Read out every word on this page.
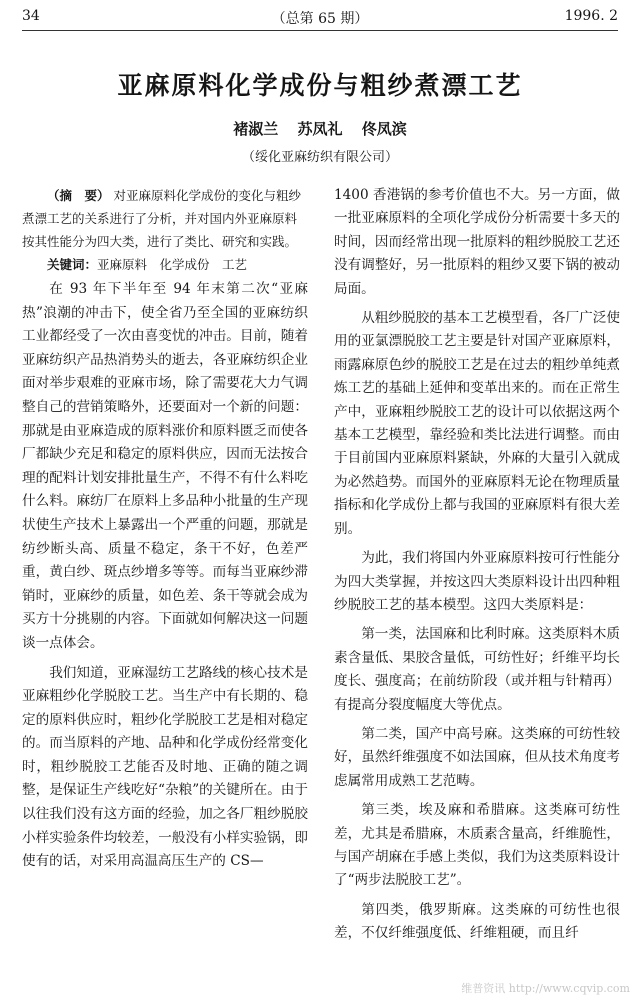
34	（总第 65 期）	1996. 2
亚麻原料化学成份与粗纱煮漂工艺
褚淑兰 苏凤礼 佟凤滨
（绥化亚麻纺织有限公司）

（摘　要） 对亚麻原料化学成份的变化与粗纱煮漂工艺的关系进行了分析，并对国内外亚麻原料按其性能分为四大类，进行了类比、研究和实践。

关键词：亚麻原料　化学成份　工艺

在 93 年下半年至 94 年末第二次“亚麻热”浪潮的冲击下，使全省乃至全国的亚麻纺织工业都经受了一次由喜变忧的冲击。目前，随着亚麻纺织产品热消势头的逝去，各亚麻纺织企业面对举步艰难的亚麻市场，除了需要花大力气调整自己的营销策略外，还要面对一个新的问题：那就是由亚麻造成的原料涨价和原料匮乏而使各厂都缺少充足和稳定的原料供应，因而无法按合理的配料计划安排批量生产，不得不有什么料吃什么料。麻纺厂在原料上多品种小批量的生产现状使生产技术上暴露出一个严重的问题，那就是纺纱断头高、质量不稳定，条干不好，色差严重，黄白纱、斑点纱增多等等。而每当亚麻纱滞销时，亚麻纱的质量，如色差、条干等就会成为买方十分挑剔的内容。下面就如何解决这一问题谈一点体会。

我们知道，亚麻湿纺工艺路线的核心技术是亚麻粗纱化学脱胶工艺。当生产中有长期的、稳定的原料供应时，粗纱化学脱胶工艺是相对稳定的。而当原料的产地、品种和化学成份经常变化时，粗纱脱胶工艺能否及时地、正确的随之调整，是保证生产线吃好“杂粮”的关键所在。由于以往我们没有这方面的经验，加之各厂粗纱脱胶小样实验条件均较差，一般没有小样实验锅，即使有的话，对采用高温高压生产的 CS—

1400 香港锅的参考价值也不大。另一方面，做一批亚麻原料的全项化学成份分析需要十多天的时间，因而经常出现一批原料的粗纱脱胶工艺还没有调整好，另一批原料的粗纱又要下锅的被动局面。

从粗纱脱胶的基本工艺模型看，各厂广泛使用的亚氯漂脱胶工艺主要是针对国产亚麻原料，雨露麻原色纱的脱胶工艺是在过去的粗纱单纯煮炼工艺的基础上延伸和变革出来的。而在正常生产中，亚麻粗纱脱胶工艺的设计可以依据这两个基本工艺模型，靠经验和类比法进行调整。而由于目前国内亚麻原料紧缺，外麻的大量引入就成为必然趋势。而国外的亚麻原料无论在物理质量指标和化学成份上都与我国的亚麻原料有很大差别。

为此，我们将国内外亚麻原料按可行性能分为四大类掌握，并按这四大类原料设计出四种粗纱脱胶工艺的基本模型。这四大类原料是：

第一类，法国麻和比利时麻。这类原料木质素含量低、果胶含量低，可纺性好；纤维平均长度长、强度高；在前纺阶段（或并粗与针精再）有提高分裂度幅度大等优点。

第二类，国产中高号麻。这类麻的可纺性较好，虽然纤维强度不如法国麻，但从技术角度考虑属常用成熟工艺范畴。

第三类，埃及麻和希腊麻。这类麻可纺性差，尤其是希腊麻，木质素含量高，纤维脆性，与国产胡麻在手感上类似，我们为这类原料设计了“两步法脱胶工艺”。

第四类，俄罗斯麻。这类麻的可纺性也很差，不仅纤维强度低、纤维粗硬，而且纤

维普资讯 http://www.cqvip.com
